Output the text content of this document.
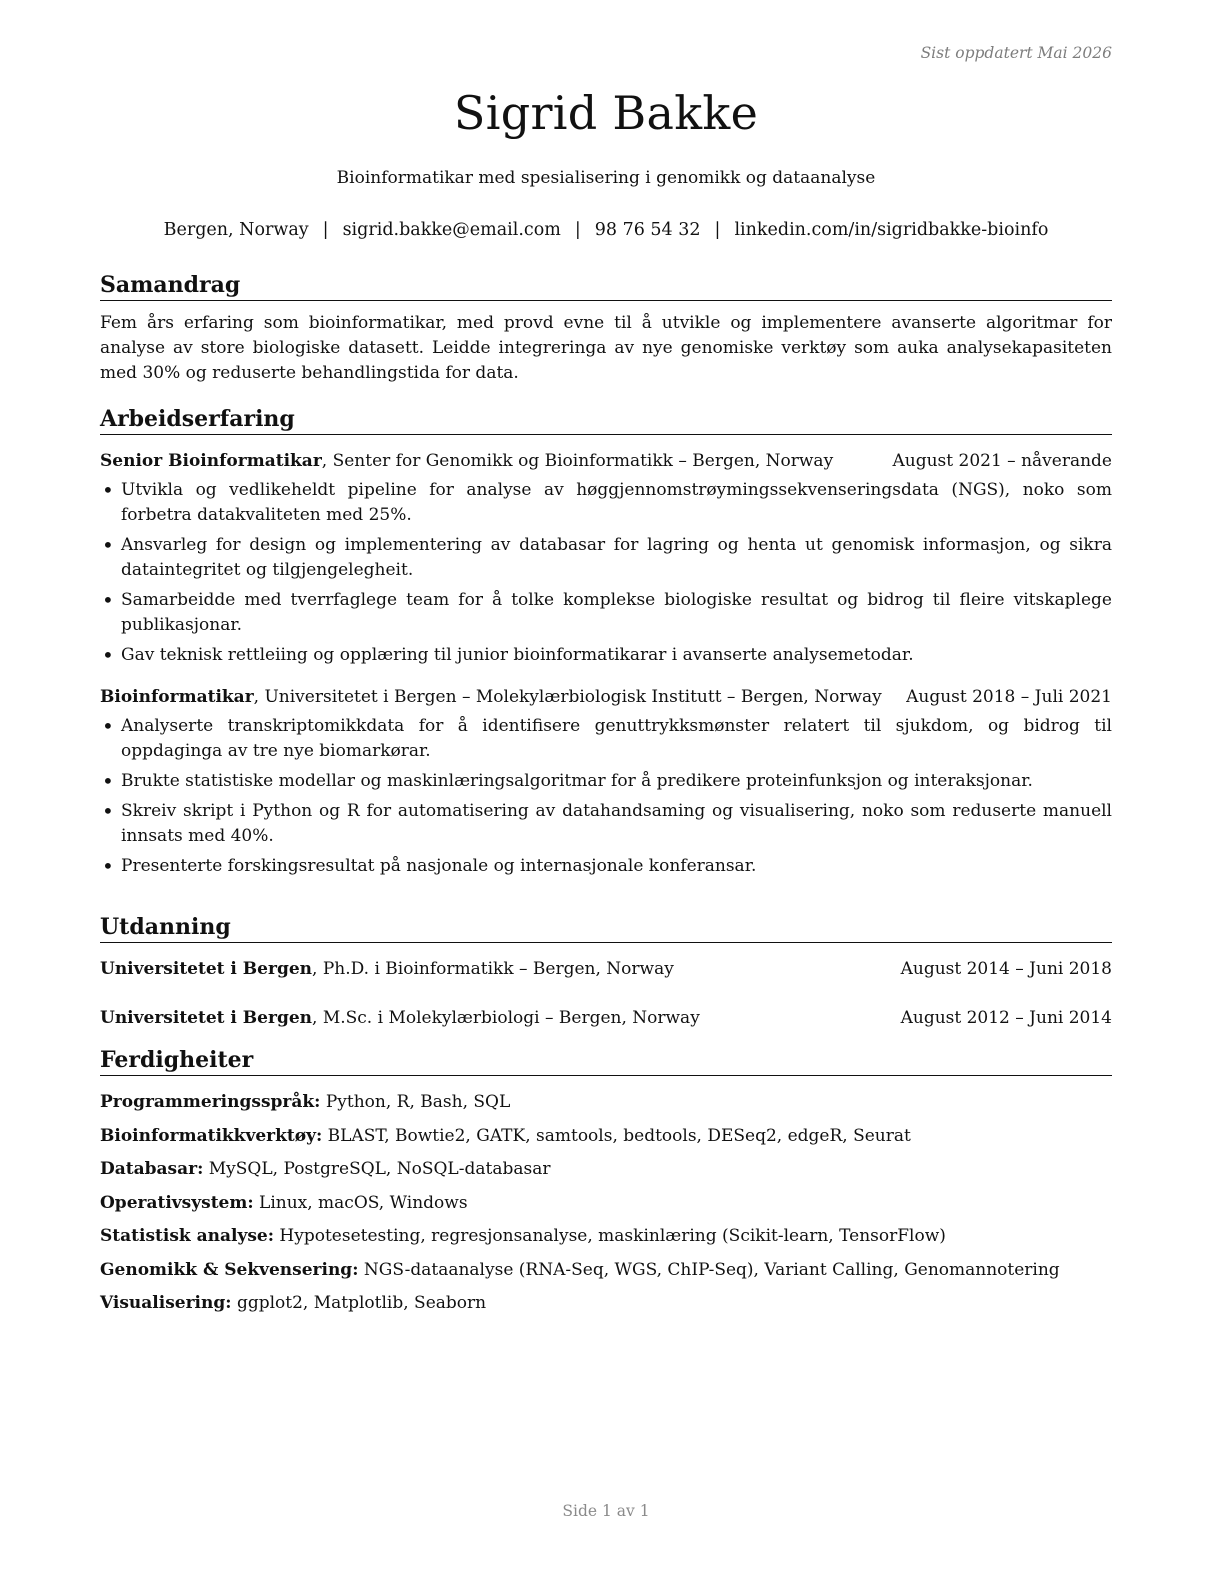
Sist oppdatert Mai 2026
Sigrid Bakke
Bioinformatikar med spesialisering i genomikk og dataanalyse
Bergen, Norway | sigrid.bakke@email.com | 98 76 54 32 | linkedin.com/in/sigridbakke-bioinfo
Samandrag

Fem års erfaring som bioinformatikar, med provd evne til å utvikle og implementere avanserte algoritmar for analyse av store biologiske datasett. Leidde integreringa av nye genomiske verktøy som auka analysekapasiteten med 30% og reduserte behandlingstida for data.

Arbeidserfaring
Senior Bioinformatikar, Senter for Genomikk og Bioinformatikk – Bergen, Norway	August 2021 – nåverande
• Utvikla og vedlikeheldt pipeline for analyse av høggjennomstrøymingssekvenseringsdata (NGS), noko som forbetra datakvaliteten med 25%.
• Ansvarleg for design og implementering av databasar for lagring og henta ut genomisk informasjon, og sikra dataintegritet og tilgjengelegheit.
• Samarbeidde med tverrfaglege team for å tolke komplekse biologiske resultat og bidrog til fleire vitskaplege publikasjonar.
• Gav teknisk rettleiing og opplæring til junior bioinformatikarar i avanserte analysemetodar.
Bioinformatikar, Universitetet i Bergen – Molekylærbiologisk Institutt – Bergen, Norway August 2018 – Juli 2021
• Analyserte transkriptomikkdata for å identifisere genuttrykksmønster relatert til sjukdom, og bidrog til oppdaginga av tre nye biomarkørar.
• Brukte statistiske modellar og maskinlæringsalgoritmar for å predikere proteinfunksjon og interaksjonar.
• Skreiv skript i Python og R for automatisering av datahandsaming og visualisering, noko som reduserte manuell innsats med 40%.
• Presenterte forskingsresultat på nasjonale og internasjonale konferansar.
Utdanning
Universitetet i Bergen, Ph.D. i Bioinformatikk – Bergen, Norway	August 2014 – Juni 2018
Universitetet i Bergen, M.Sc. i Molekylærbiologi – Bergen, Norway	August 2012 – Juni 2014
Ferdigheiter
Programmeringsspråk: Python, R, Bash, SQL
Bioinformatikkverktøy: BLAST, Bowtie2, GATK, samtools, bedtools, DESeq2, edgeR, Seurat
Databasar: MySQL, PostgreSQL, NoSQL-databasar
Operativsystem: Linux, macOS, Windows
Statistisk analyse: Hypotesetesting, regresjonsanalyse, maskinlæring (Scikit-learn, TensorFlow)
Genomikk & Sekvensering: NGS-dataanalyse (RNA-Seq, WGS, ChIP-Seq), Variant Calling, Genomannotering
Visualisering: ggplot2, Matplotlib, Seaborn
Side 1 av 1
